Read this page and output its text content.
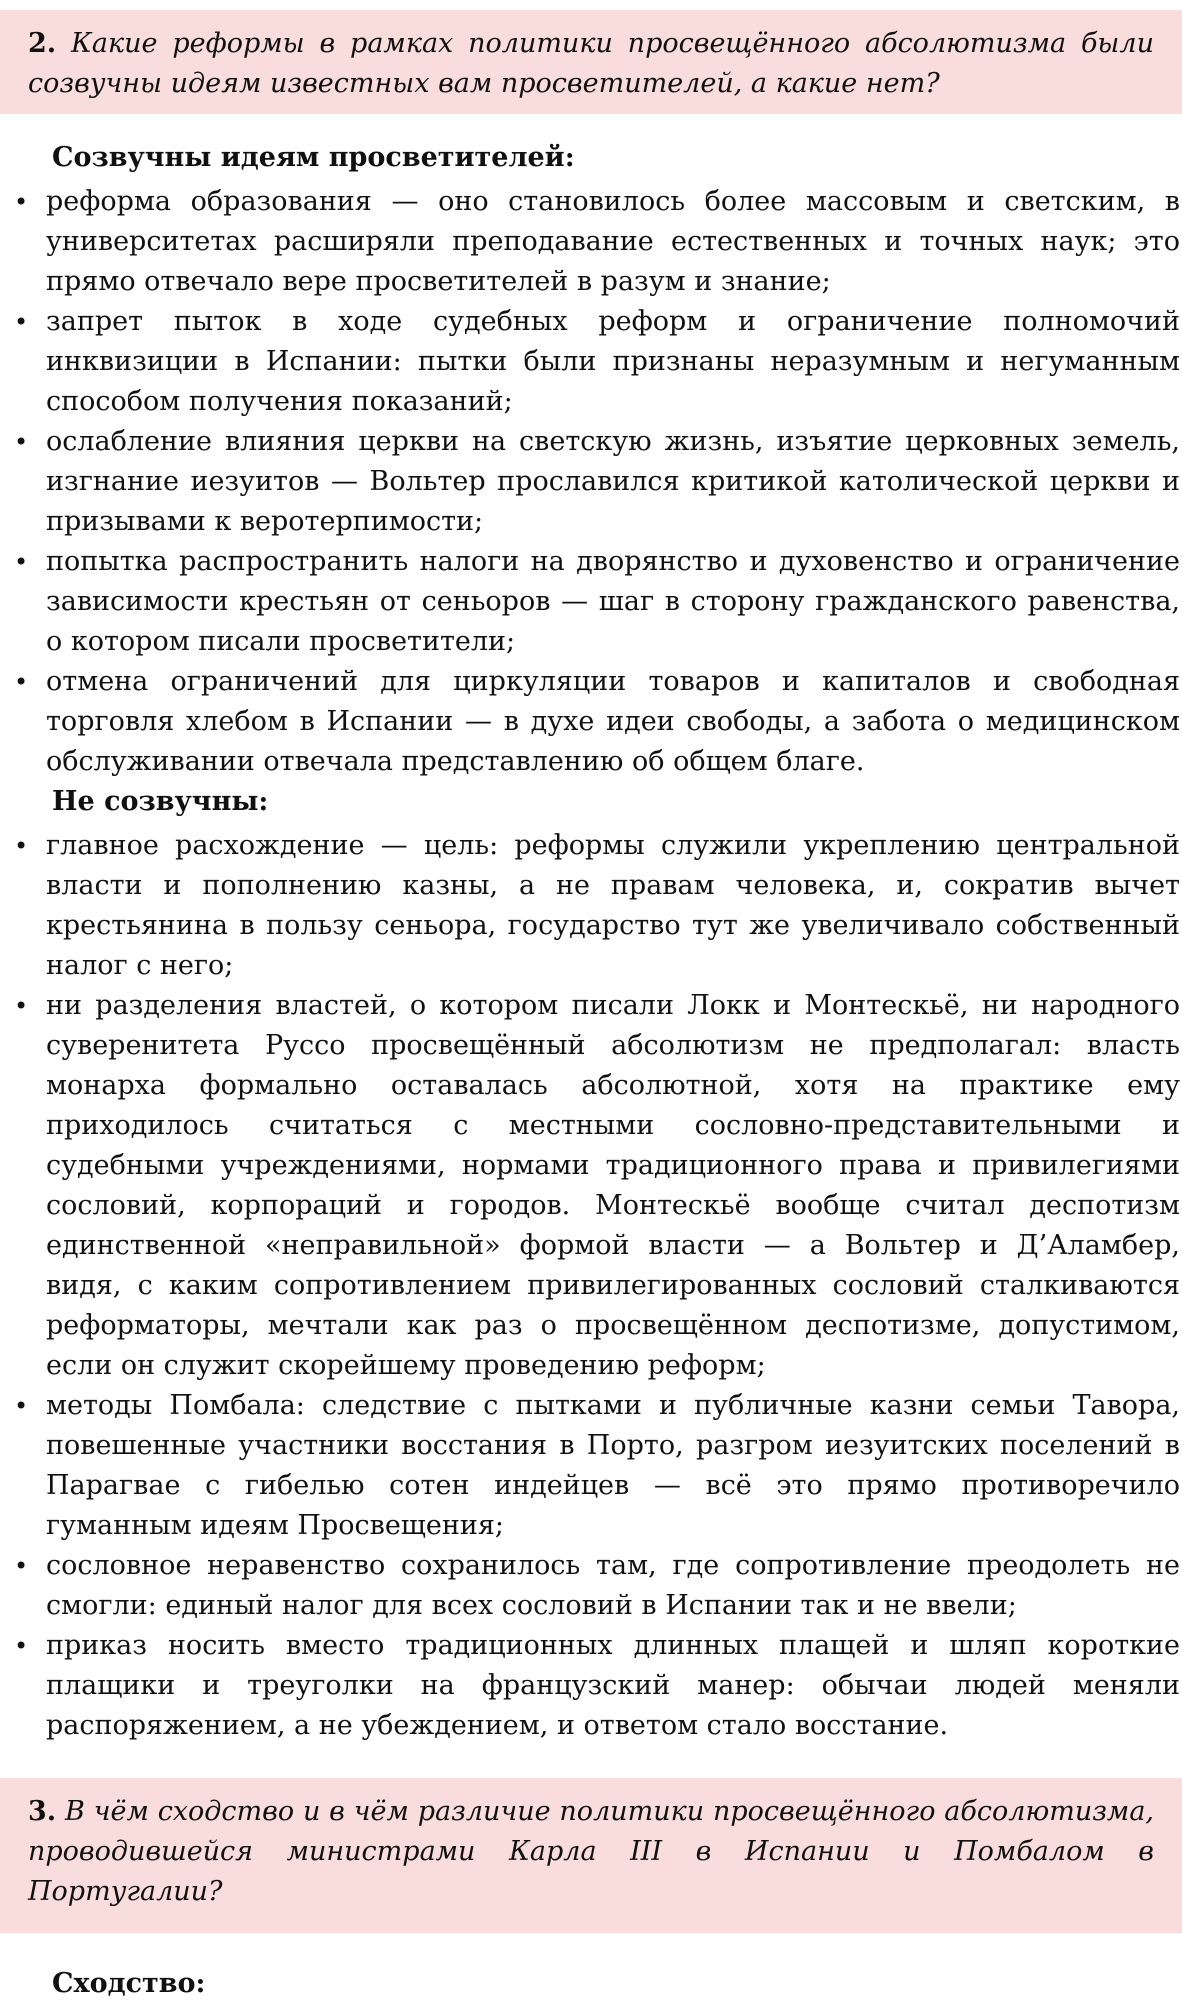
2. Какие реформы в рамках политики просвещённого абсолютизма были созвучны идеям известных вам просветителей, а какие нет?
Созвучны идеям просветителей:
• реформа образования — оно становилось более массовым и светским, в университетах расширяли преподавание естественных и точных наук; это прямо отвечало вере просветителей в разум и знание;
• запрет пыток в ходе судебных реформ и ограничение полномочий инквизиции в Испании: пытки были признаны неразумным и негуманным способом получения показаний;
• ослабление влияния церкви на светскую жизнь, изъятие церковных земель, изгнание иезуитов — Вольтер прославился критикой католической церкви и призывами к веротерпимости;
• попытка распространить налоги на дворянство и духовенство и ограничение зависимости крестьян от сеньоров — шаг в сторону гражданского равенства, о котором писали просветители;
• отмена ограничений для циркуляции товаров и капиталов и свободная торговля хлебом в Испании — в духе идеи свободы, а забота о медицинском обслуживании отвечала представлению об общем благе.
Не созвучны:
• главное расхождение — цель: реформы служили укреплению центральной власти и пополнению казны, а не правам человека, и, сократив вычет крестьянина в пользу сеньора, государство тут же увеличивало собственный налог с него;
• ни разделения властей, о котором писали Локк и Монтескьё, ни народного суверенитета Руссо просвещённый абсолютизм не предполагал: власть монарха формально оставалась абсолютной, хотя на практике ему приходилось считаться с местными сословно-представительными и судебными учреждениями, нормами традиционного права и привилегиями сословий, корпораций и городов. Монтескьё вообще считал деспотизм единственной «неправильной» формой власти — а Вольтер и Д’Аламбер, видя, с каким сопротивлением привилегированных сословий сталкиваются реформаторы, мечтали как раз о просвещённом деспотизме, допустимом, если он служит скорейшему проведению реформ;
• методы Помбала: следствие с пытками и публичные казни семьи Тавора, повешенные участники восстания в Порто, разгром иезуитских поселений в Парагвае с гибелью сотен индейцев — всё это прямо противоречило гуманным идеям Просвещения;
• сословное неравенство сохранилось там, где сопротивление преодолеть не смогли: единый налог для всех сословий в Испании так и не ввели;
• приказ носить вместо традиционных длинных плащей и шляп короткие плащики и треуголки на французский манер: обычаи людей меняли распоряжением, а не убеждением, и ответом стало восстание.
3. В чём сходство и в чём различие политики просвещённого абсолютизма, проводившейся министрами Карла III в Испании и Помбалом в Португалии?
Сходство:
